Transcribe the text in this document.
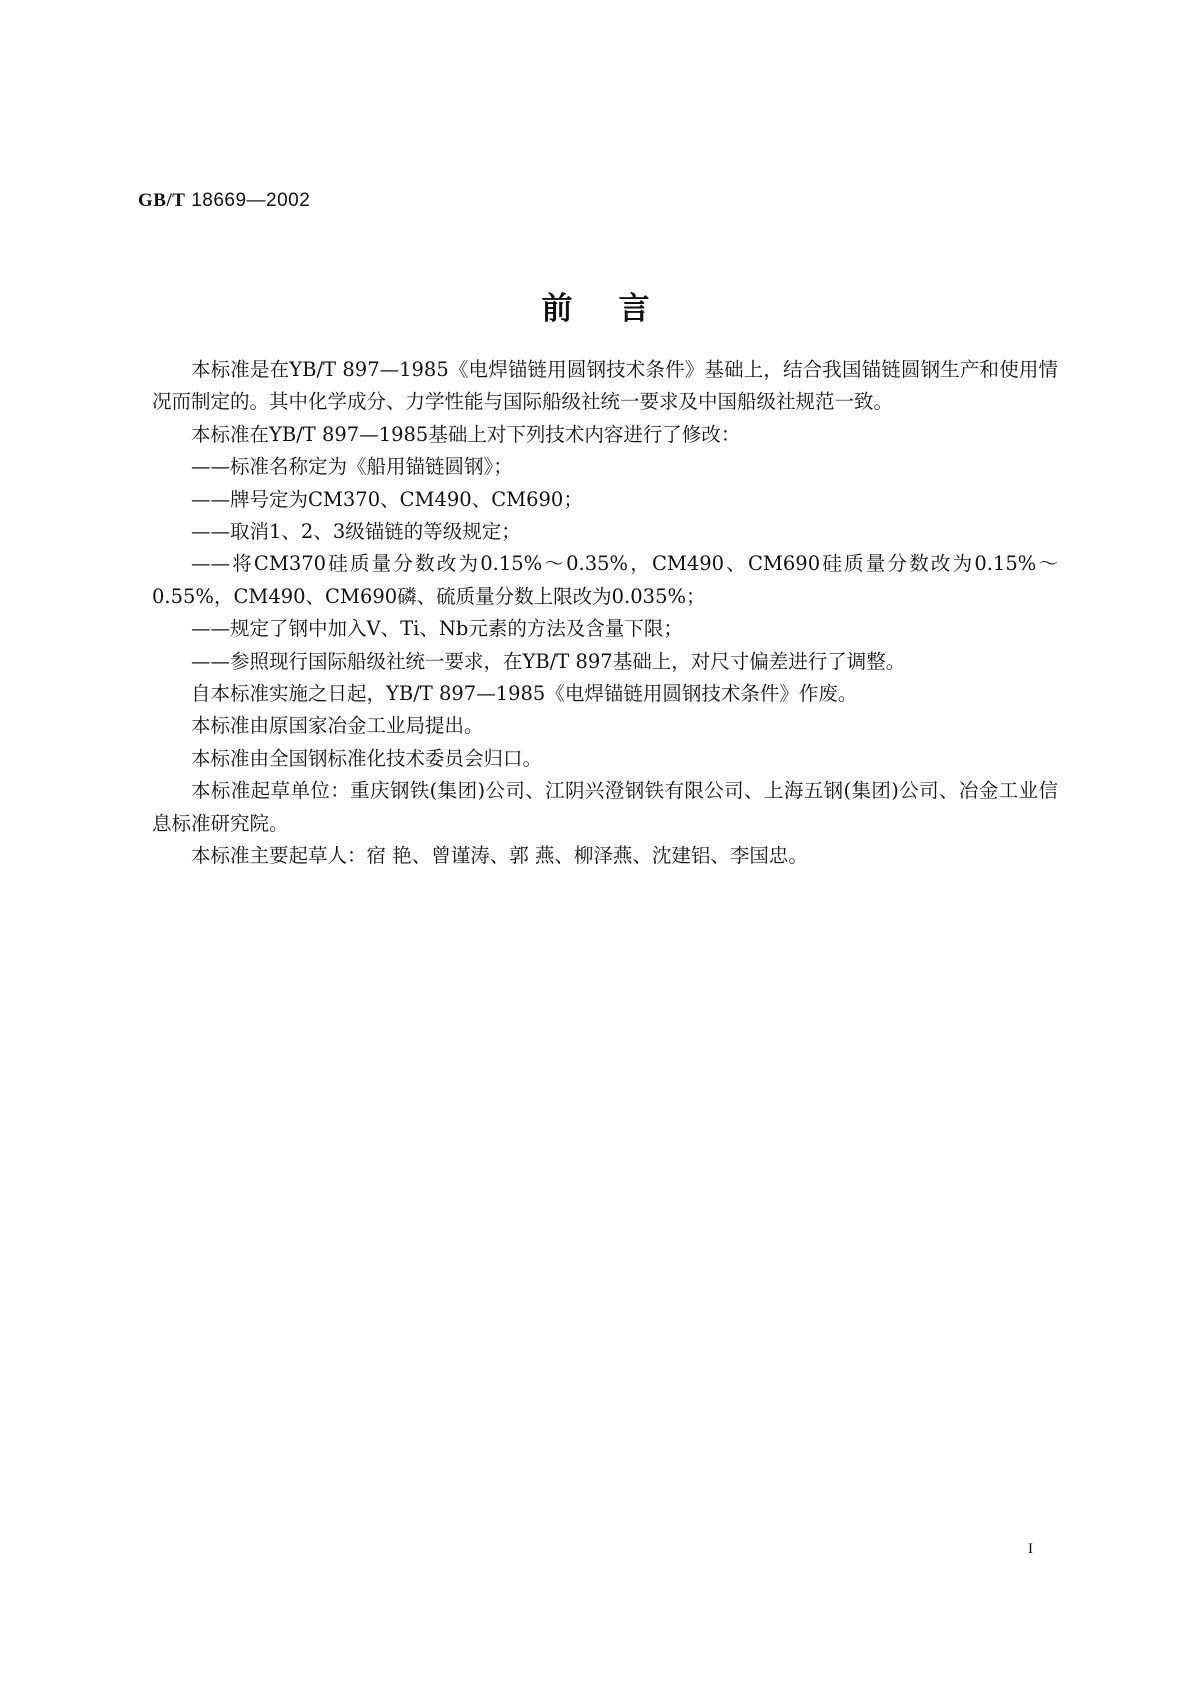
GB/T 18669—2002
前言

本标准是在YB/T 897—1985《电焊锚链用圆钢技术条件》基础上，结合我国锚链圆钢生产和使用情况而制定的。其中化学成分、力学性能与国际船级社统一要求及中国船级社规范一致。

本标准在YB/T 897—1985基础上对下列技术内容进行了修改：

——标准名称定为《船用锚链圆钢》；

——牌号定为CM370、CM490、CM690；

——取消1、2、3级锚链的等级规定；

——将CM370硅质量分数改为0.15%～0.35%，CM490、CM690硅质量分数改为0.15%～0.55%，CM490、CM690磷、硫质量分数上限改为0.035%；

——规定了钢中加入V、Ti、Nb元素的方法及含量下限；

——参照现行国际船级社统一要求，在YB/T 897基础上，对尺寸偏差进行了调整。

自本标准实施之日起，YB/T 897—1985《电焊锚链用圆钢技术条件》作废。

本标准由原国家冶金工业局提出。

本标准由全国钢标准化技术委员会归口。

本标准起草单位：重庆钢铁(集团)公司、江阴兴澄钢铁有限公司、上海五钢(集团)公司、冶金工业信息标准研究院。

本标准主要起草人：宿 艳、曾谨涛、郭 燕、柳泽燕、沈建铝、李国忠。

I
